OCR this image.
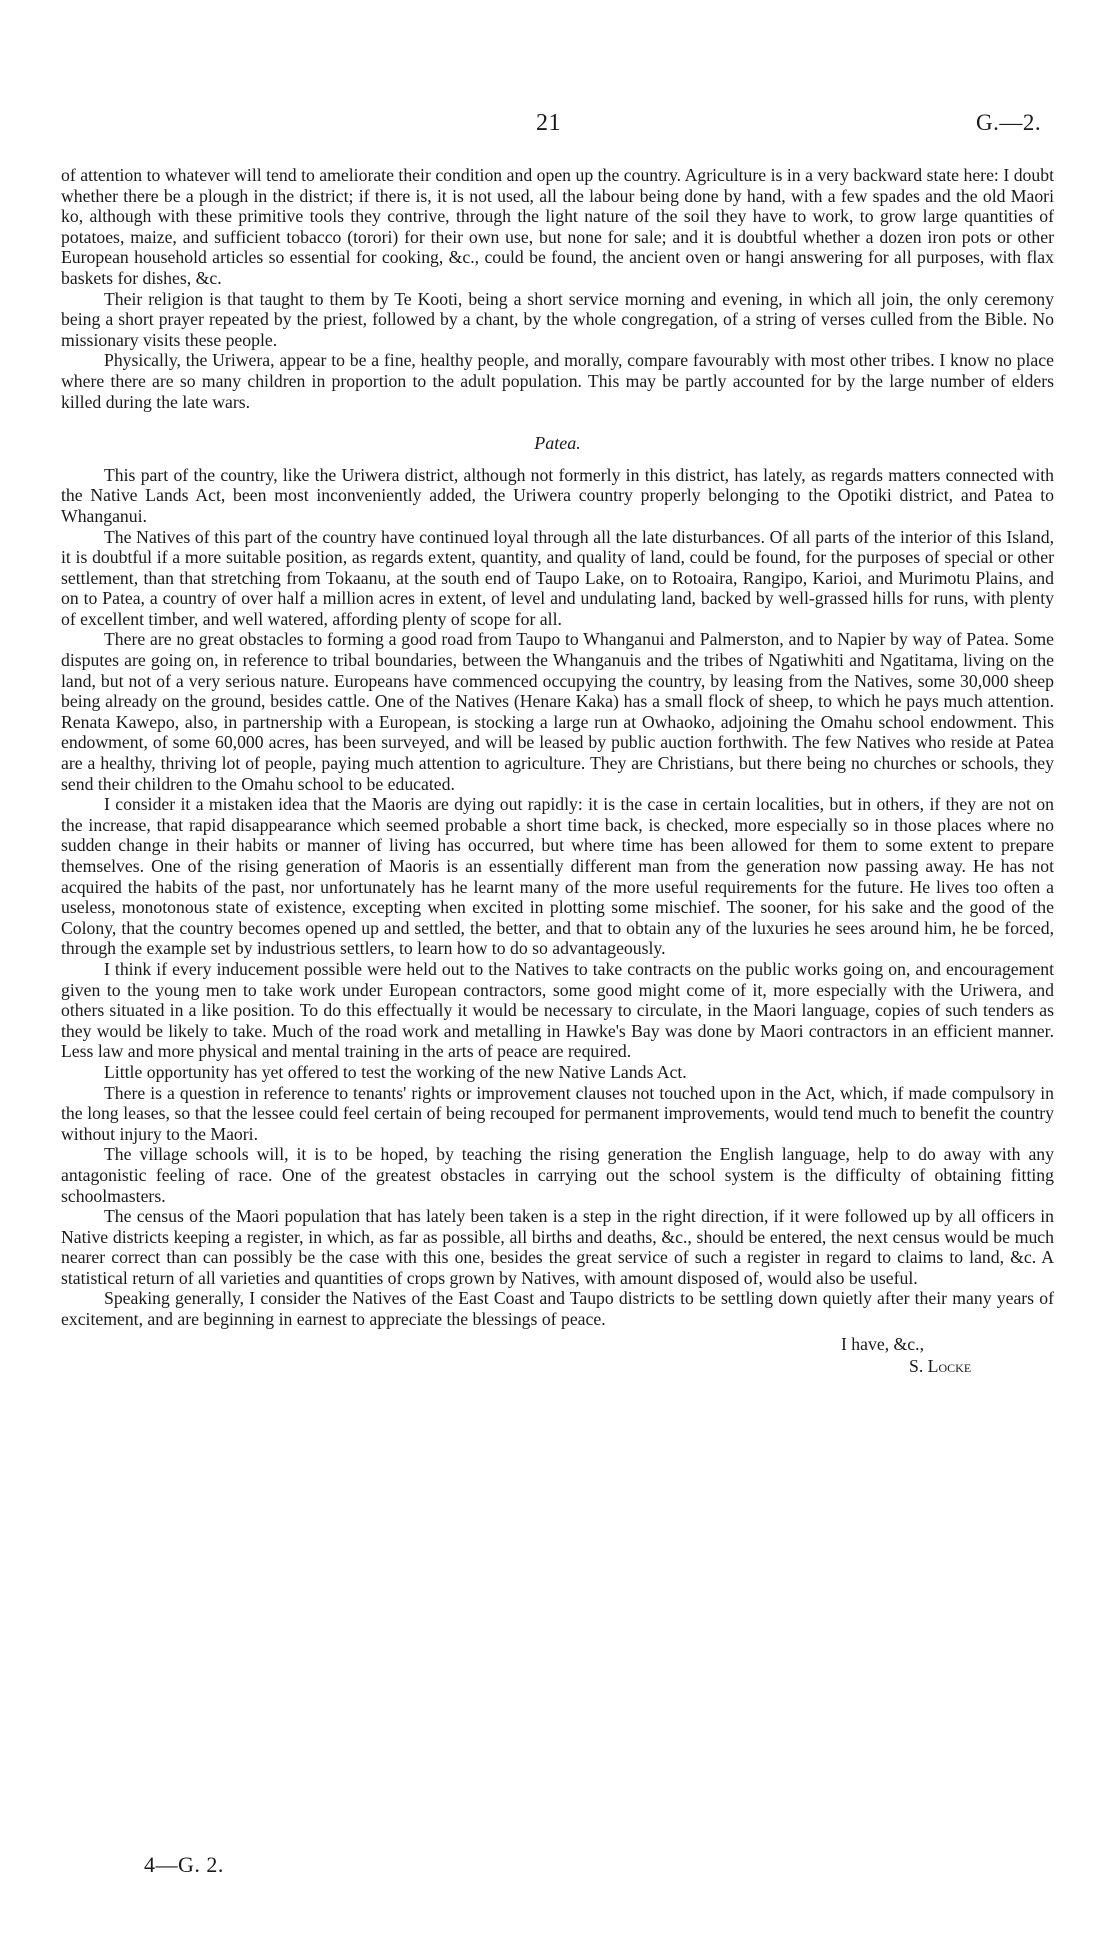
21	G.—2.

of attention to whatever will tend to ameliorate their condition and open up the country. Agriculture is in a very backward state here: I doubt whether there be a plough in the district; if there is, it is not used, all the labour being done by hand, with a few spades and the old Maori ko, although with these primitive tools they contrive, through the light nature of the soil they have to work, to grow large quantities of potatoes, maize, and sufficient tobacco (torori) for their own use, but none for sale; and it is doubtful whether a dozen iron pots or other European household articles so essential for cooking, &c., could be found, the ancient oven or hangi answering for all purposes, with flax baskets for dishes, &c.

Their religion is that taught to them by Te Kooti, being a short service morning and evening, in which all join, the only ceremony being a short prayer repeated by the priest, followed by a chant, by the whole congregation, of a string of verses culled from the Bible. No missionary visits these people.

Physically, the Uriwera, appear to be a fine, healthy people, and morally, compare favourably with most other tribes. I know no place where there are so many children in proportion to the adult population. This may be partly accounted for by the large number of elders killed during the late wars.

Patea.

This part of the country, like the Uriwera district, although not formerly in this district, has lately, as regards matters connected with the Native Lands Act, been most inconveniently added, the Uriwera country properly belonging to the Opotiki district, and Patea to Whanganui.

The Natives of this part of the country have continued loyal through all the late disturbances. Of all parts of the interior of this Island, it is doubtful if a more suitable position, as regards extent, quantity, and quality of land, could be found, for the purposes of special or other settlement, than that stretching from Tokaanu, at the south end of Taupo Lake, on to Rotoaira, Rangipo, Karioi, and Murimotu Plains, and on to Patea, a country of over half a million acres in extent, of level and undulating land, backed by well-grassed hills for runs, with plenty of excellent timber, and well watered, affording plenty of scope for all.

There are no great obstacles to forming a good road from Taupo to Whanganui and Palmerston, and to Napier by way of Patea. Some disputes are going on, in reference to tribal boundaries, between the Whanganuis and the tribes of Ngatiwhiti and Ngatitama, living on the land, but not of a very serious nature. Europeans have commenced occupying the country, by leasing from the Natives, some 30,000 sheep being already on the ground, besides cattle. One of the Natives (Henare Kaka) has a small flock of sheep, to which he pays much attention. Renata Kawepo, also, in partnership with a European, is stocking a large run at Owhaoko, adjoining the Omahu school endowment. This endowment, of some 60,000 acres, has been surveyed, and will be leased by public auction forthwith. The few Natives who reside at Patea are a healthy, thriving lot of people, paying much attention to agriculture. They are Christians, but there being no churches or schools, they send their children to the Omahu school to be educated.

I consider it a mistaken idea that the Maoris are dying out rapidly: it is the case in certain localities, but in others, if they are not on the increase, that rapid disappearance which seemed probable a short time back, is checked, more especially so in those places where no sudden change in their habits or manner of living has occurred, but where time has been allowed for them to some extent to prepare themselves. One of the rising generation of Maoris is an essentially different man from the generation now passing away. He has not acquired the habits of the past, nor unfortunately has he learnt many of the more useful requirements for the future. He lives too often a useless, monotonous state of existence, excepting when excited in plotting some mischief. The sooner, for his sake and the good of the Colony, that the country becomes opened up and settled, the better, and that to obtain any of the luxuries he sees around him, he be forced, through the example set by industrious settlers, to learn how to do so advantageously.

I think if every inducement possible were held out to the Natives to take contracts on the public works going on, and encouragement given to the young men to take work under European contractors, some good might come of it, more especially with the Uriwera, and others situated in a like position. To do this effectually it would be necessary to circulate, in the Maori language, copies of such tenders as they would be likely to take. Much of the road work and metalling in Hawke's Bay was done by Maori contractors in an efficient manner. Less law and more physical and mental training in the arts of peace are required.

Little opportunity has yet offered to test the working of the new Native Lands Act.

There is a question in reference to tenants' rights or improvement clauses not touched upon in the Act, which, if made compulsory in the long leases, so that the lessee could feel certain of being recouped for permanent improvements, would tend much to benefit the country without injury to the Maori.

The village schools will, it is to be hoped, by teaching the rising generation the English language, help to do away with any antagonistic feeling of race. One of the greatest obstacles in carrying out the school system is the difficulty of obtaining fitting schoolmasters.

The census of the Maori population that has lately been taken is a step in the right direction, if it were followed up by all officers in Native districts keeping a register, in which, as far as possible, all births and deaths, &c., should be entered, the next census would be much nearer correct than can possibly be the case with this one, besides the great service of such a register in regard to claims to land, &c. A statistical return of all varieties and quantities of crops grown by Natives, with amount disposed of, would also be useful.

Speaking generally, I consider the Natives of the East Coast and Taupo districts to be settling down quietly after their many years of excitement, and are beginning in earnest to appreciate the blessings of peace.

I have, &c.,
S. Locke
4—G. 2.
